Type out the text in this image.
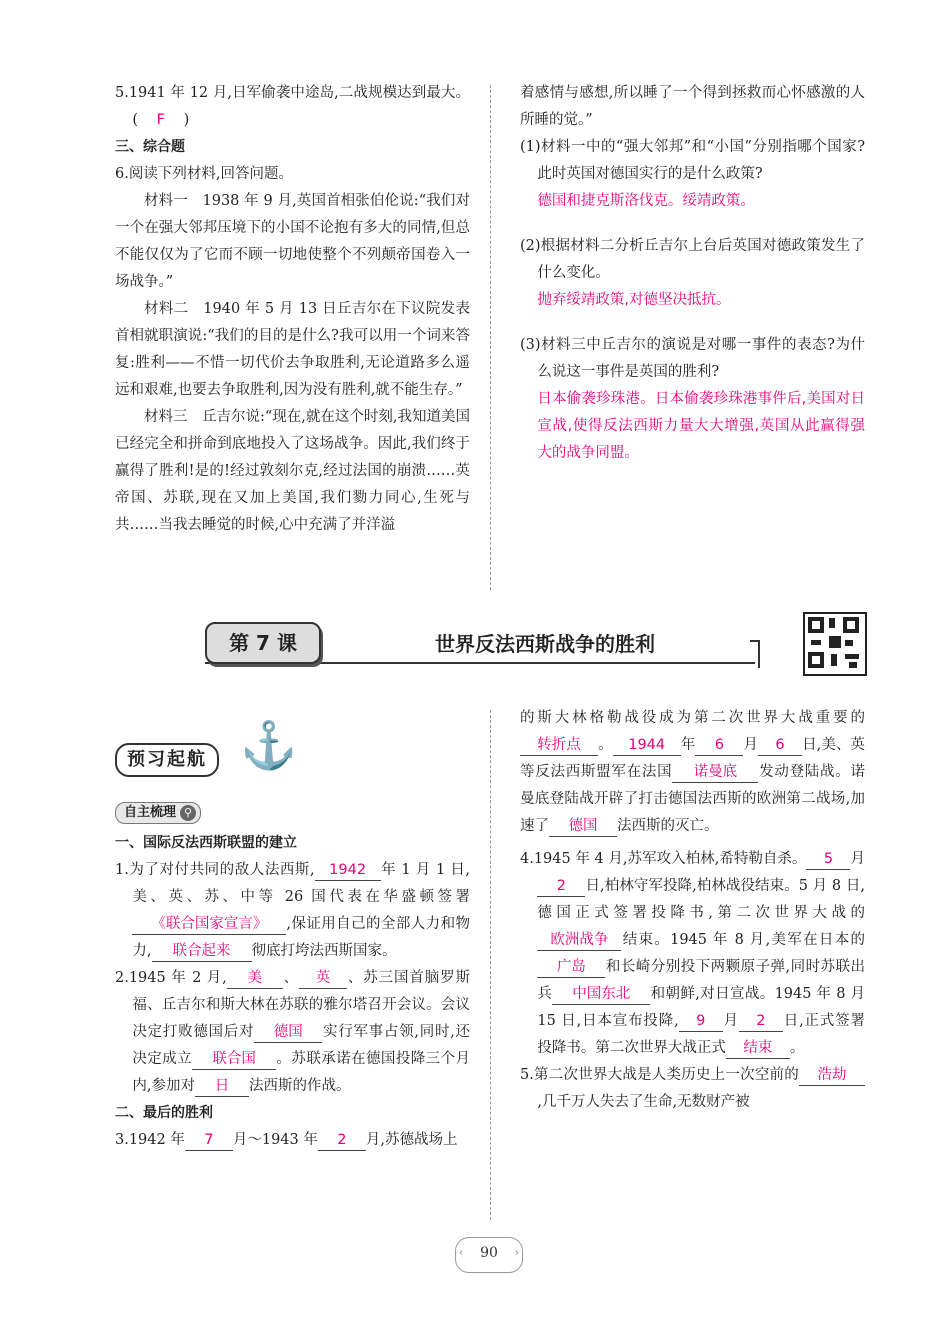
5.1941 年 12 月,日军偷袭中途岛,二战规模达到最大。( F )

三、综合题

6.阅读下列材料,回答问题。

材料一　1938 年 9 月,英国首相张伯伦说:“我们对一个在强大邻邦压境下的小国不论抱有多大的同情,但总不能仅仅为了它而不顾一切地使整个不列颠帝国卷入一场战争。”

材料二　1940 年 5 月 13 日丘吉尔在下议院发表首相就职演说:“我们的目的是什么?我可以用一个词来答复:胜利——不惜一切代价去争取胜利,无论道路多么遥远和艰难,也要去争取胜利,因为没有胜利,就不能生存。”

材料三　丘吉尔说:“现在,就在这个时刻,我知道美国已经完全和拼命到底地投入了这场战争。因此,我们终于赢得了胜利!是的!经过敦刻尔克,经过法国的崩溃……英帝国、苏联,现在又加上美国,我们勠力同心,生死与共……当我去睡觉的时候,心中充满了并洋溢

着感情与感想,所以睡了一个得到拯救而心怀感激的人所睡的觉。”

(1)材料一中的“强大邻邦”和“小国”分别指哪个国家?此时英国对德国实行的是什么政策?

德国和捷克斯洛伐克。绥靖政策。

(2)根据材料二分析丘吉尔上台后英国对德政策发生了什么变化。

抛弃绥靖政策,对德坚决抵抗。

(3)材料三中丘吉尔的演说是对哪一事件的表态?为什么说这一事件是英国的胜利?

日本偷袭珍珠港。日本偷袭珍珠港事件后,美国对日宣战,使得反法西斯力量大大增强,英国从此赢得强大的战争同盟。

第 7 课	世界反法西斯战争的胜利
预习起航 ⚓
自主梳理 ⚲

一、国际反法西斯联盟的建立

1.为了对付共同的敌人法西斯, 1942 年 1 月 1 日,美、英、苏、中等 26 国代表在华盛顿签署《联合国家宣言》 ,保证用自己的全部人力和物力, 联合起来 彻底打垮法西斯国家。

2.1945 年 2 月, 美 、 英 、苏三国首脑罗斯福、丘吉尔和斯大林在苏联的雅尔塔召开会议。会议决定打败德国后对 德国 实行军事占领,同时,还决定成立 联合国 。苏联承诺在德国投降三个月内,参加对 日 法西斯的作战。

二、最后的胜利

3.1942 年 7 月～1943 年 2 月,苏德战场上

的斯大林格勒战役成为第二次世界大战重要的转折点 。 1944 年 6 月 6 日,美、英等反法西斯盟军在法国 诺曼底 发动登陆战。诺曼底登陆战开辟了打击德国法西斯的欧洲第二战场,加速了 德国 法西斯的灭亡。

4.1945 年 4 月,苏军攻入柏林,希特勒自杀。 5 月2 日,柏林守军投降,柏林战役结束。5 月 8 日,德国正式签署投降书,第二次世界大战的欧洲战争 结束。1945 年 8 月,美军在日本的广岛 和长崎分别投下两颗原子弹,同时苏联出兵 中国东北 和朝鲜,对日宣战。1945 年 8 月 15 日,日本宣布投降, 9 月 2 日,正式签署投降书。第二次世界大战正式 结束 。

5.第二次世界大战是人类历史上一次空前的 浩劫,几千万人失去了生命,无数财产被

‹ 90 ›
